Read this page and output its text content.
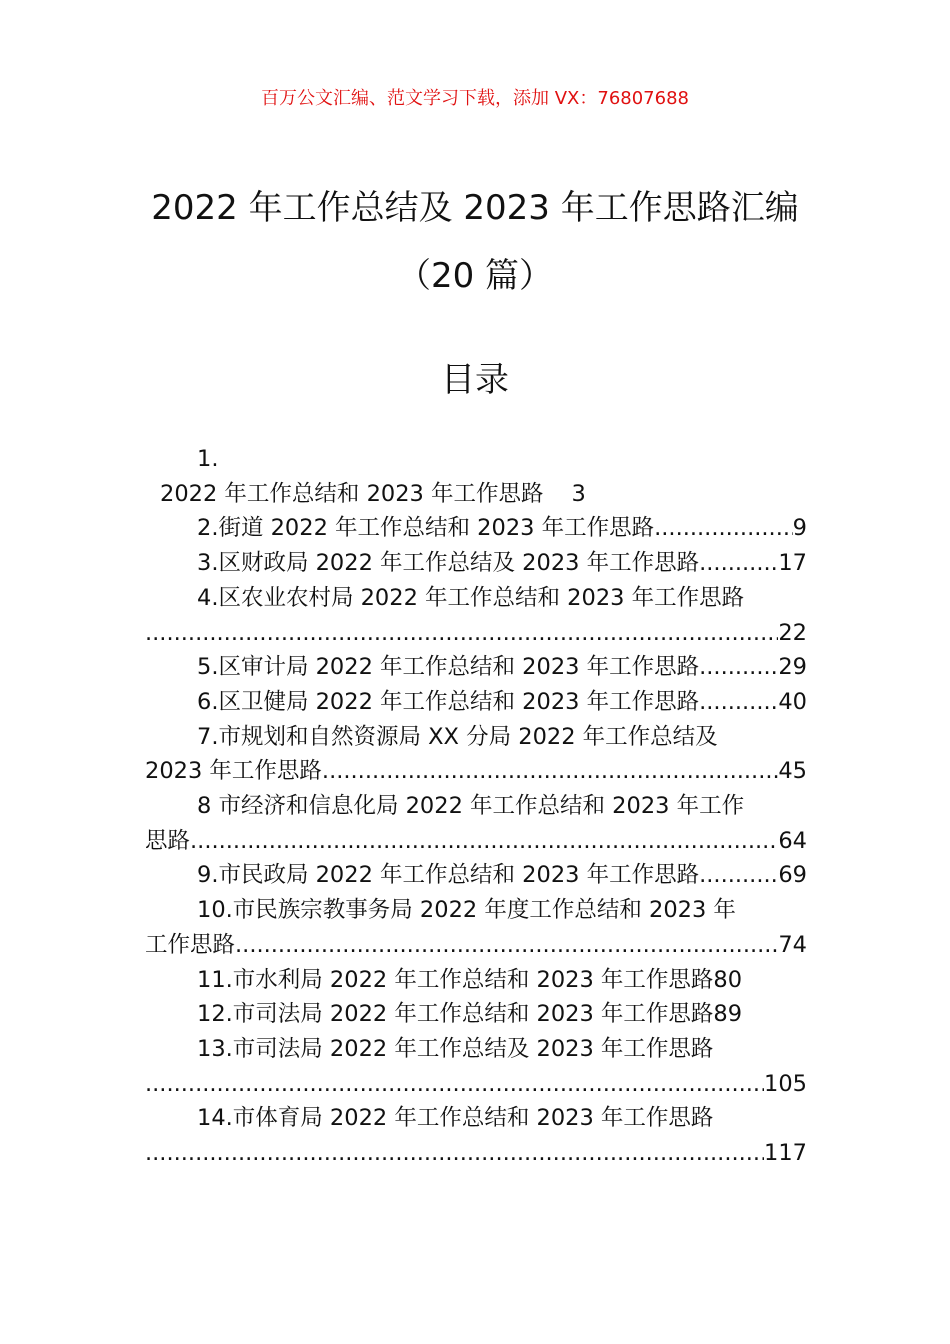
百万公文汇编、范文学习下载，添加 VX：76807688
2022 年工作总结及 2023 年工作思路汇编
（20 篇）
目录
1.
2022 年工作总结和 2023 年工作思路 3
2.街道 2022 年工作总结和 2023 年工作思路 .....	9
3.区财政局 2022 年工作总结及 2023 年工作思路 .....	17
4.区农业农村局 2022 年工作总结和 2023 年工作思路
.....
22
5.区审计局 2022 年工作总结和 2023 年工作思路 .....	29
6.区卫健局 2022 年工作总结和 2023 年工作思路 .....	40
7.市规划和自然资源局 XX 分局 2022 年工作总结及
2023 年工作思路 .....	45
8 市经济和信息化局 2022 年工作总结和 2023 年工作
思路 .....	64
9.市民政局 2022 年工作总结和 2023 年工作思路 .....	69
10.市民族宗教事务局 2022 年度工作总结和 2023 年
工作思路 .....	74
11.市水利局 2022 年工作总结和 2023 年工作思路 80
12.市司法局 2022 年工作总结和 2023 年工作思路 89
13.市司法局 2022 年工作总结及 2023 年工作思路
.....
105
14.市体育局 2022 年工作总结和 2023 年工作思路
.....
117
